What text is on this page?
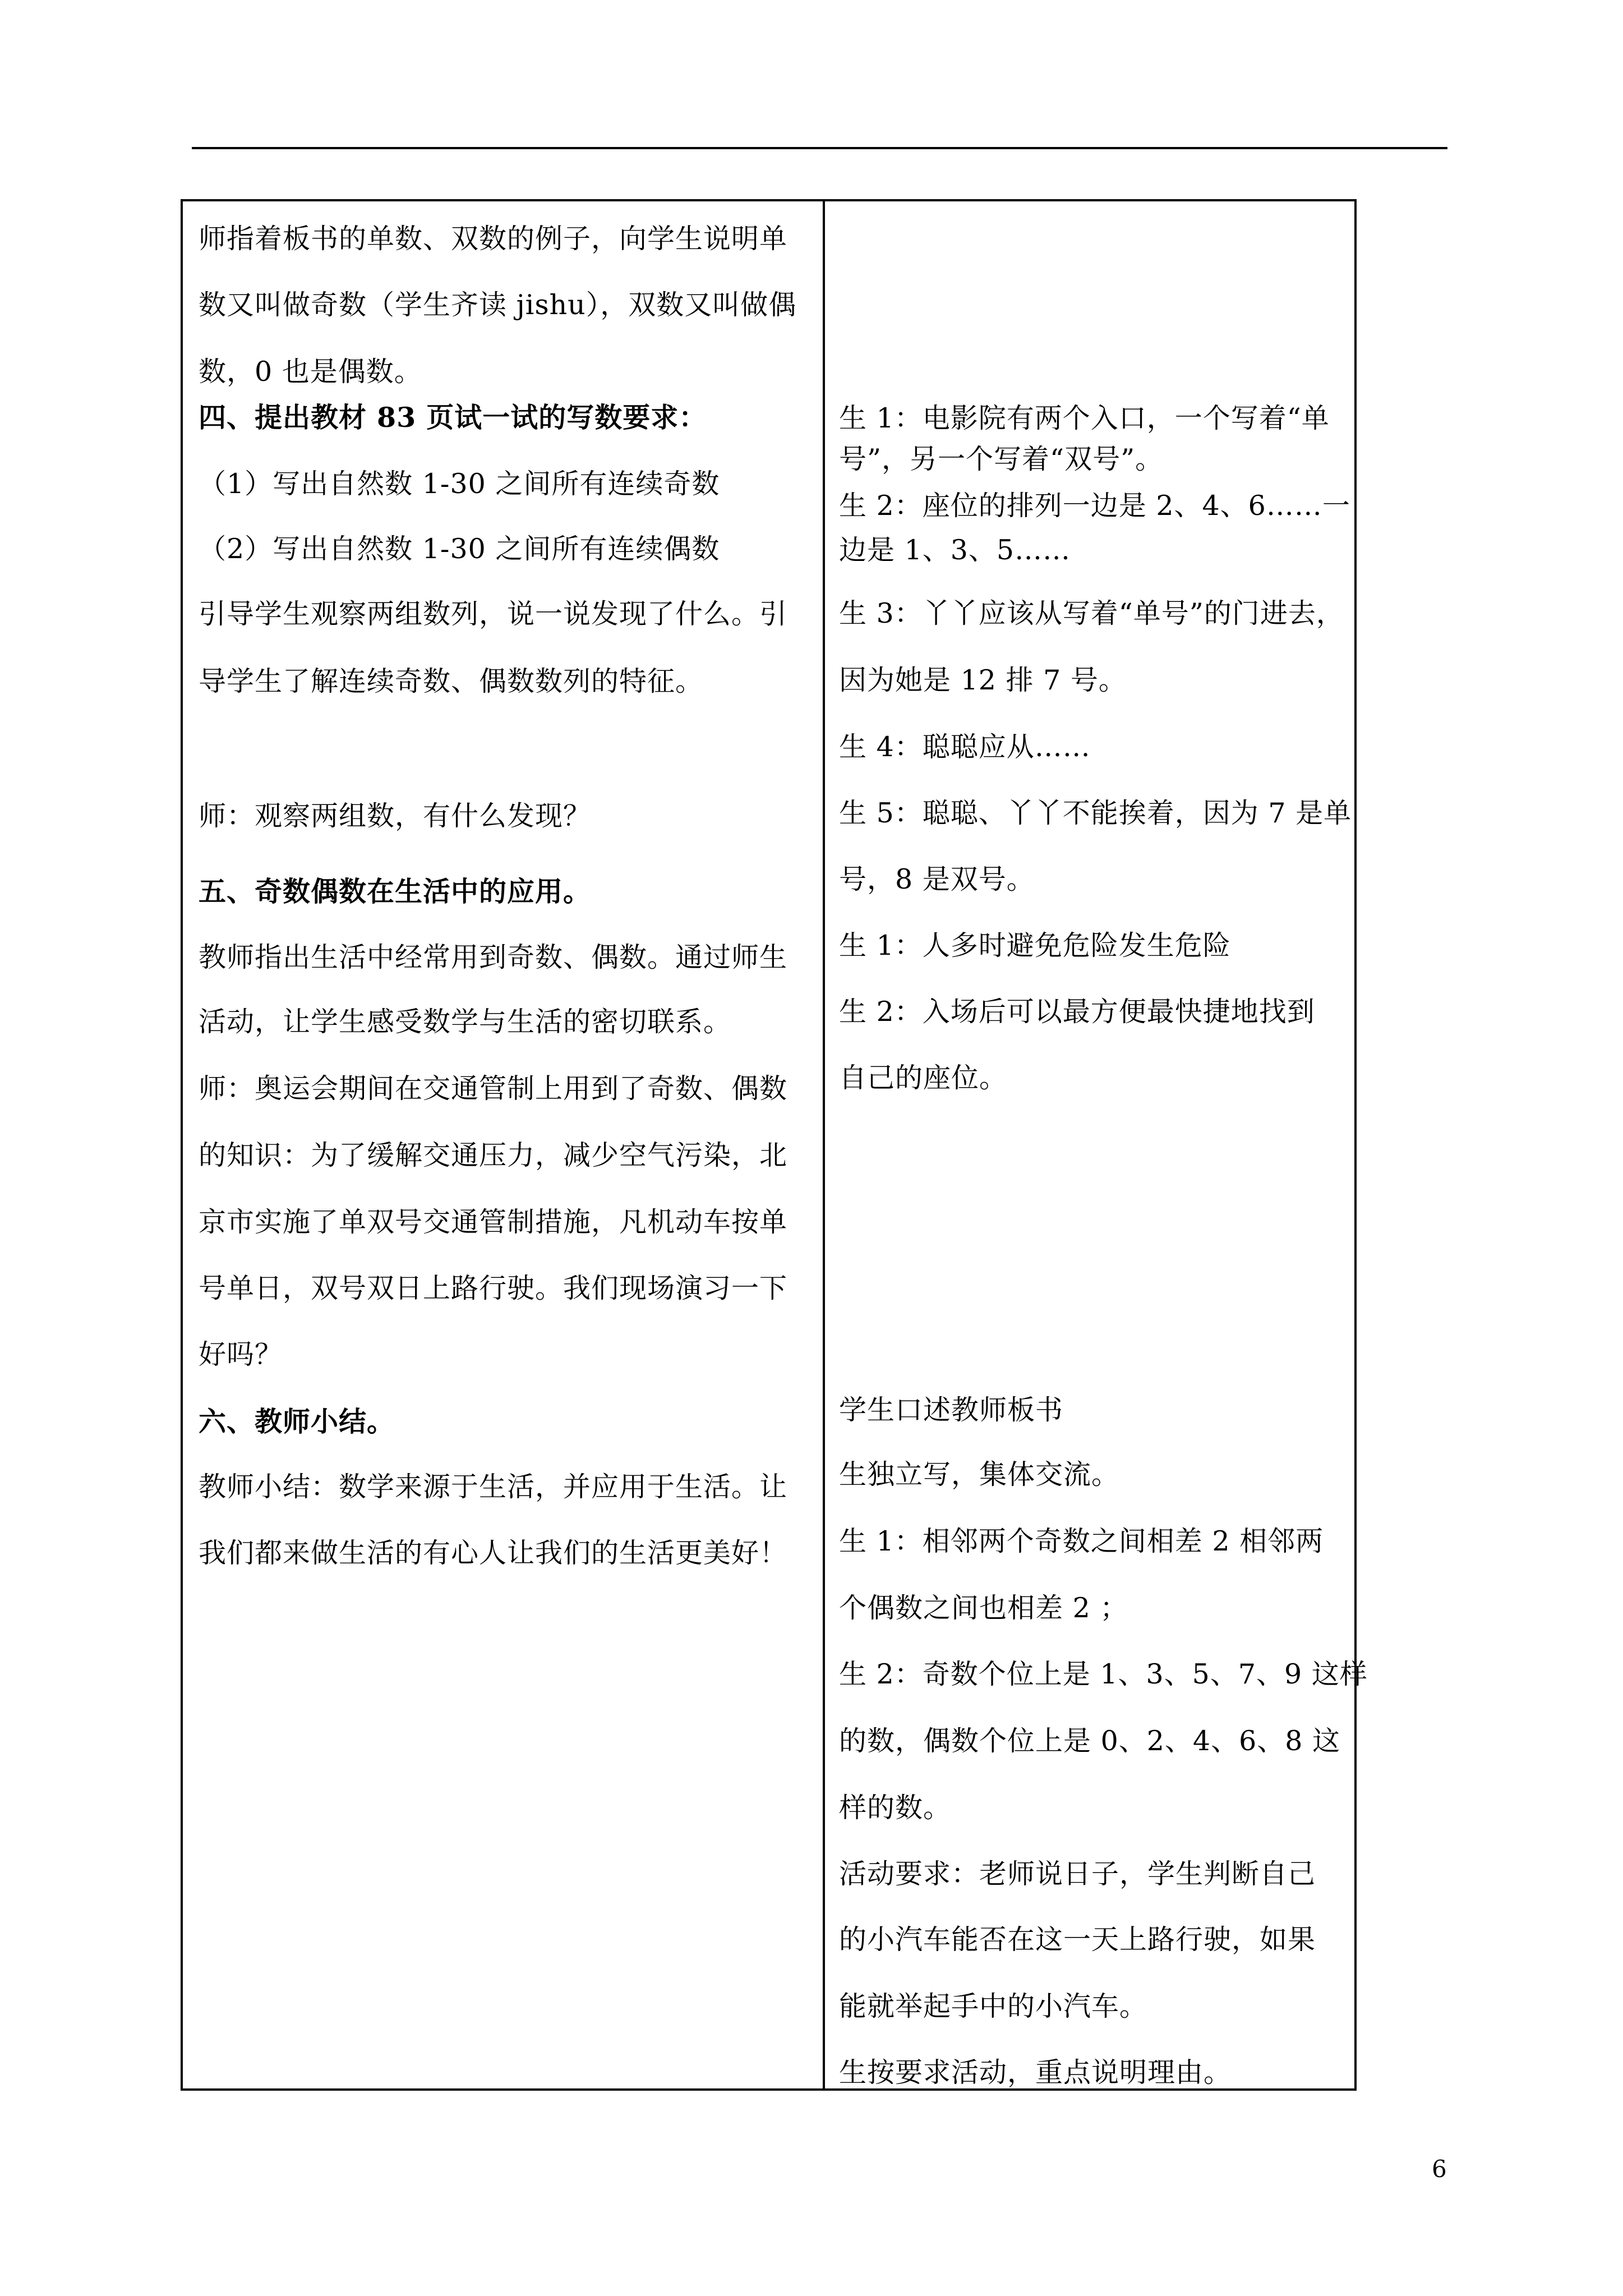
师指着板书的单数、双数的例子，向学生说明单

数又叫做奇数（学生齐读 jishu），双数又叫做偶

数，0 也是偶数。

四、提出教材 83 页试一试的写数要求：

（1）写出自然数 1-30 之间所有连续奇数

（2）写出自然数 1-30 之间所有连续偶数

引导学生观察两组数列，说一说发现了什么。引

导学生了解连续奇数、偶数数列的特征。

师：观察两组数，有什么发现？

五、奇数偶数在生活中的应用。

教师指出生活中经常用到奇数、偶数。通过师生

活动，让学生感受数学与生活的密切联系。

师：奥运会期间在交通管制上用到了奇数、偶数

的知识：为了缓解交通压力，减少空气污染，北

京市实施了单双号交通管制措施，凡机动车按单

号单日，双号双日上路行驶。我们现场演习一下

好吗？

六、教师小结。

教师小结：数学来源于生活，并应用于生活。让

我们都来做生活的有心人让我们的生活更美好！

生 1：电影院有两个入口，一个写着“单

号”，另一个写着“双号”。

生 2：座位的排列一边是 2、4、6……一

边是 1、3、5……

生 3：丫丫应该从写着“单号”的门进去，

因为她是 12 排 7 号。

生 4：聪聪应从……

生 5：聪聪、丫丫不能挨着，因为 7 是单

号，8 是双号。

生 1：人多时避免危险发生危险

生 2：入场后可以最方便最快捷地找到

自己的座位。

学生口述教师板书

生独立写，集体交流。

生 1：相邻两个奇数之间相差 2 相邻两

个偶数之间也相差 2 ；

生 2：奇数个位上是 1、3、5、7、9 这样

的数，偶数个位上是 0、2、4、6、8 这

样的数。

活动要求：老师说日子，学生判断自己

的小汽车能否在这一天上路行驶，如果

能就举起手中的小汽车。

生按要求活动，重点说明理由。

6
